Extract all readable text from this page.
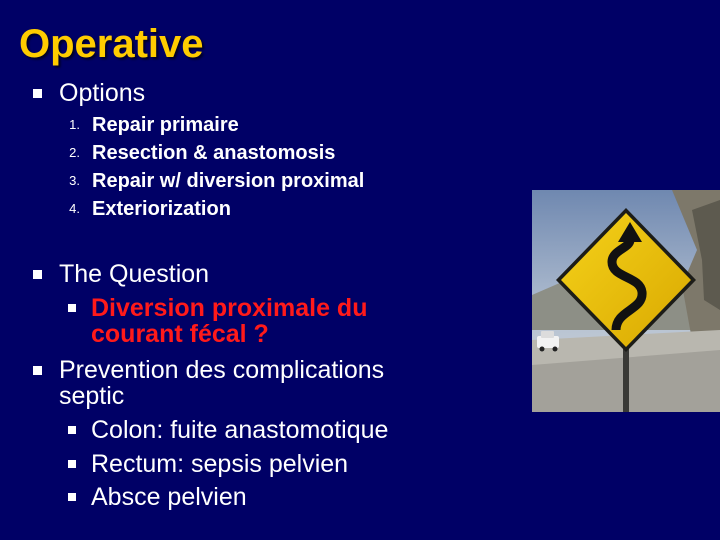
Operative
Options
1. Repair primaire
2. Resection & anastomosis
3. Repair w/ diversion proximal
4. Exteriorization
The Question
Diversion proximale du
courant fécal ?
Prevention des complications
septic
Colon: fuite anastomotique
Rectum: sepsis pelvien
Absce pelvien
